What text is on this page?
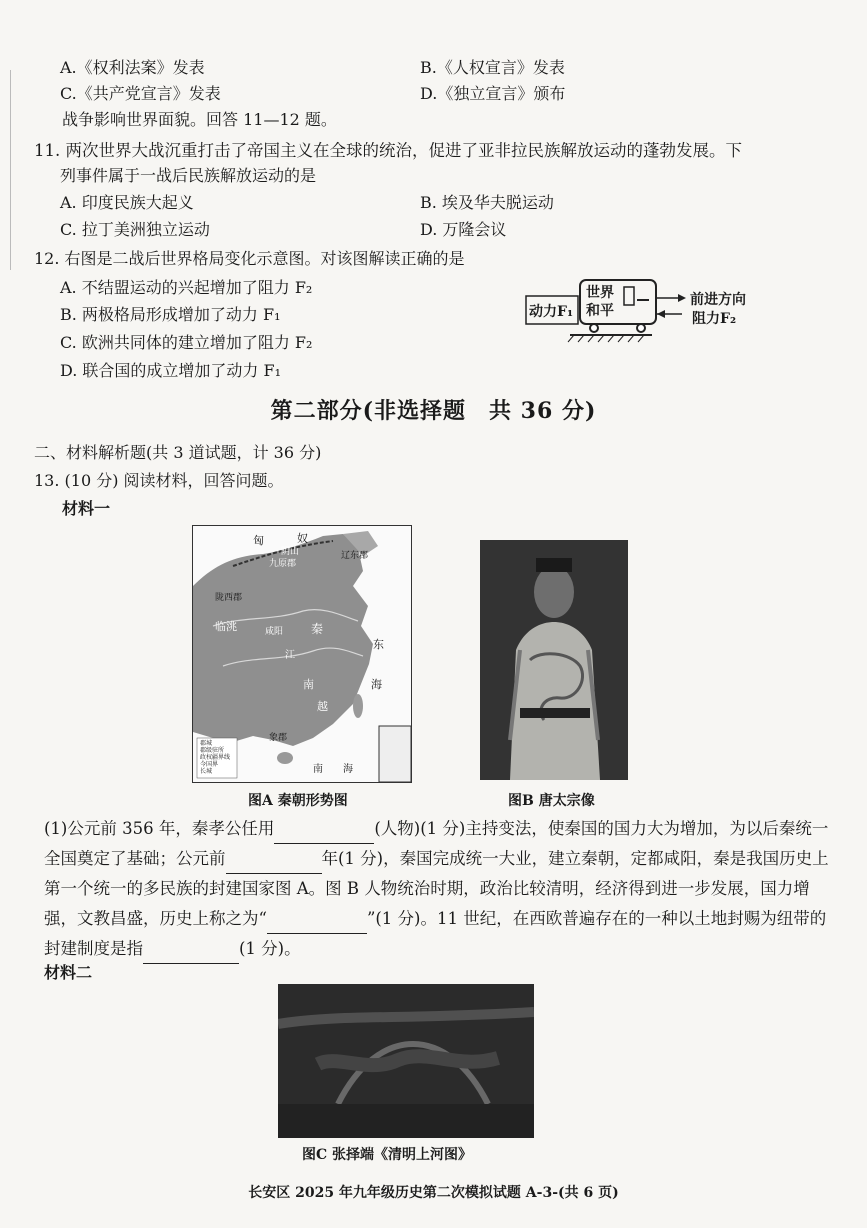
A.《权利法案》发表	B.《人权宣言》发表
C.《共产党宣言》发表	D.《独立宣言》颁布
战争影响世界面貌。回答 11—12 题。
11. 两次世界大战沉重打击了帝国主义在全球的统治，促进了亚非拉民族解放运动的蓬勃发展。下
列事件属于一战后民族解放运动的是
A. 印度民族大起义	B. 埃及华夫脱运动
C. 拉丁美洲独立运动	D. 万隆会议
12. 右图是二战后世界格局变化示意图。对该图解读正确的是
A. 不结盟运动的兴起增加了阻力 F₂
B. 两极格局形成增加了动力 F₁
C. 欧洲共同体的建立增加了阻力 F₂
D. 联合国的成立增加了动力 F₁
动力F₁
世界
和平
前进方向
阻力F₂
第二部分(非选择题　共 36 分)
二、材料解析题(共 3 道试题，计 36 分)
13. (10 分) 阅读材料，回答问题。
材料一
匈	奴
阴山
九原郡
辽东郡
陇西郡
临洮	咸阳
东
海
秦
江
南
越
象郡
南 海
郡城
郡级驻所
政权疆界线
今国界
长城
图A 秦朝形势图	图B 唐太宗像
(1)公元前 356 年，秦孝公任用	(人物)(1 分)主持变法，使秦国的国力大为增加，为以后秦统一全国奠定了基础；公元前	年(1 分)，秦国完成统一大业，建立秦朝，定都咸阳，秦是我国历史上第一个统一的多民族的封建国家图 A。图 B 人物统治时期，政治比较清明，经济得到进一步发展，国力增强，文教昌盛，历史上称之为“	”(1 分)。11 世纪，在西欧普遍存在的一种以土地封赐为纽带的封建制度是指	(1 分)。
材料二
图C 张择端《清明上河图》
长安区 2025 年九年级历史第二次模拟试题 A-3-(共 6 页)
